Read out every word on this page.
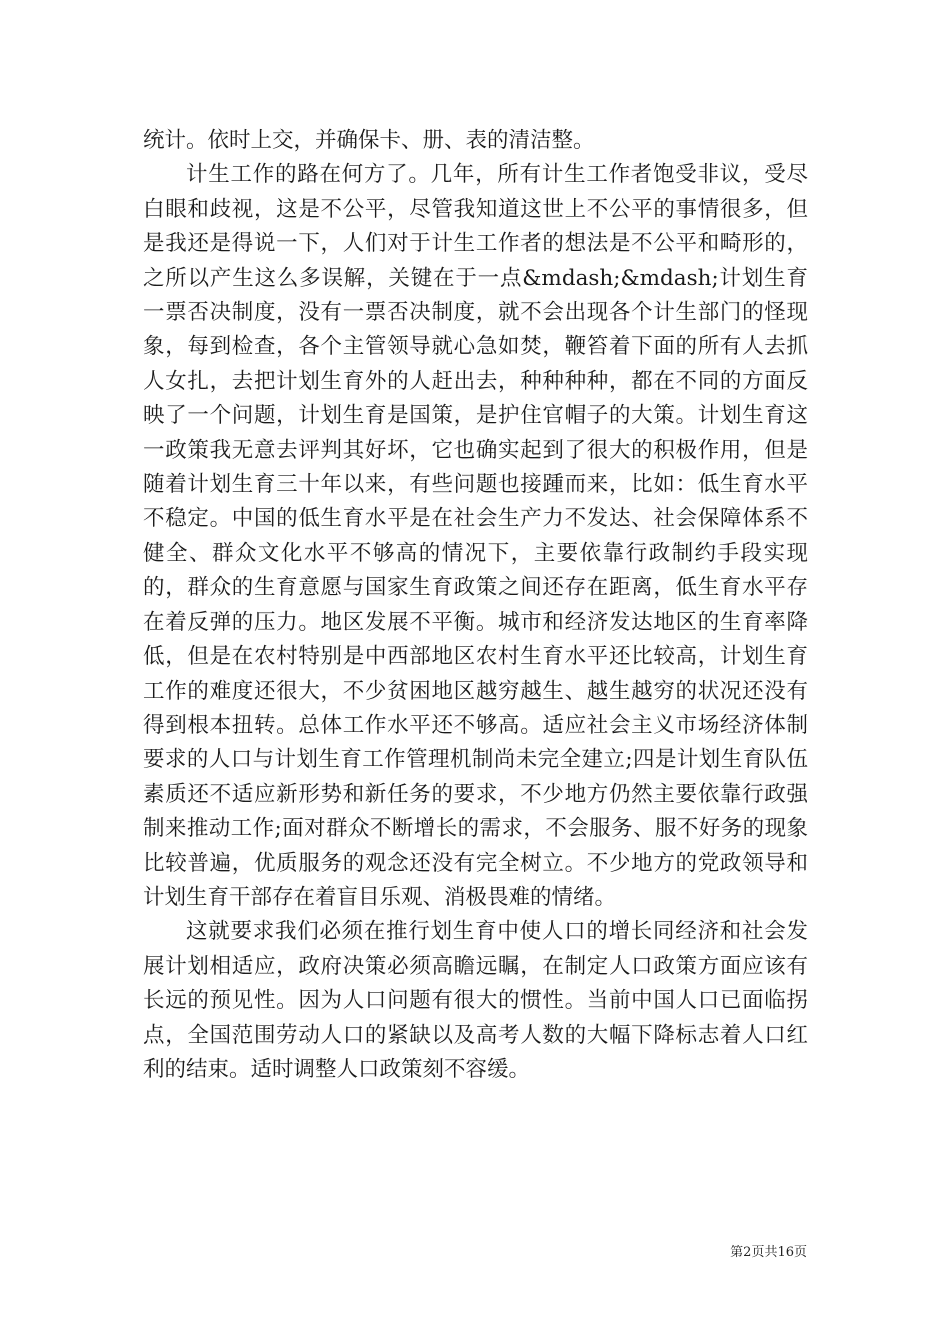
统计。依时上交，并确保卡、册、表的清洁整。

计生工作的路在何方了。几年，所有计生工作者饱受非议，受尽白眼和歧视，这是不公平，尽管我知道这世上不公平的事情很多，但是我还是得说一下，人们对于计生工作者的想法是不公平和畸形的，之所以产生这么多误解，关键在于一点&mdash;&mdash;计划生育一票否决制度，没有一票否决制度，就不会出现各个计生部门的怪现象，每到检查，各个主管领导就心急如焚，鞭笞着下面的所有人去抓人女扎，去把计划生育外的人赶出去，种种种种，都在不同的方面反映了一个问题，计划生育是国策，是护住官帽子的大策。计划生育这一政策我无意去评判其好坏，它也确实起到了很大的积极作用，但是随着计划生育三十年以来，有些问题也接踵而来，比如：低生育水平不稳定。中国的低生育水平是在社会生产力不发达、社会保障体系不健全、群众文化水平不够高的情况下，主要依靠行政制约手段实现的，群众的生育意愿与国家生育政策之间还存在距离，低生育水平存在着反弹的压力。地区发展不平衡。城市和经济发达地区的生育率降低，但是在农村特别是中西部地区农村生育水平还比较高，计划生育工作的难度还很大，不少贫困地区越穷越生、越生越穷的状况还没有得到根本扭转。总体工作水平还不够高。适应社会主义市场经济体制要求的人口与计划生育工作管理机制尚未完全建立;四是计划生育队伍素质还不适应新形势和新任务的要求，不少地方仍然主要依靠行政强制来推动工作;面对群众不断增长的需求，不会服务、服不好务的现象比较普遍，优质服务的观念还没有完全树立。不少地方的党政领导和计划生育干部存在着盲目乐观、消极畏难的情绪。

这就要求我们必须在推行划生育中使人口的增长同经济和社会发展计划相适应，政府决策必须高瞻远瞩，在制定人口政策方面应该有长远的预见性。因为人口问题有很大的惯性。当前中国人口已面临拐点，全国范围劳动人口的紧缺以及高考人数的大幅下降标志着人口红利的结束。适时调整人口政策刻不容缓。

第2页共16页
